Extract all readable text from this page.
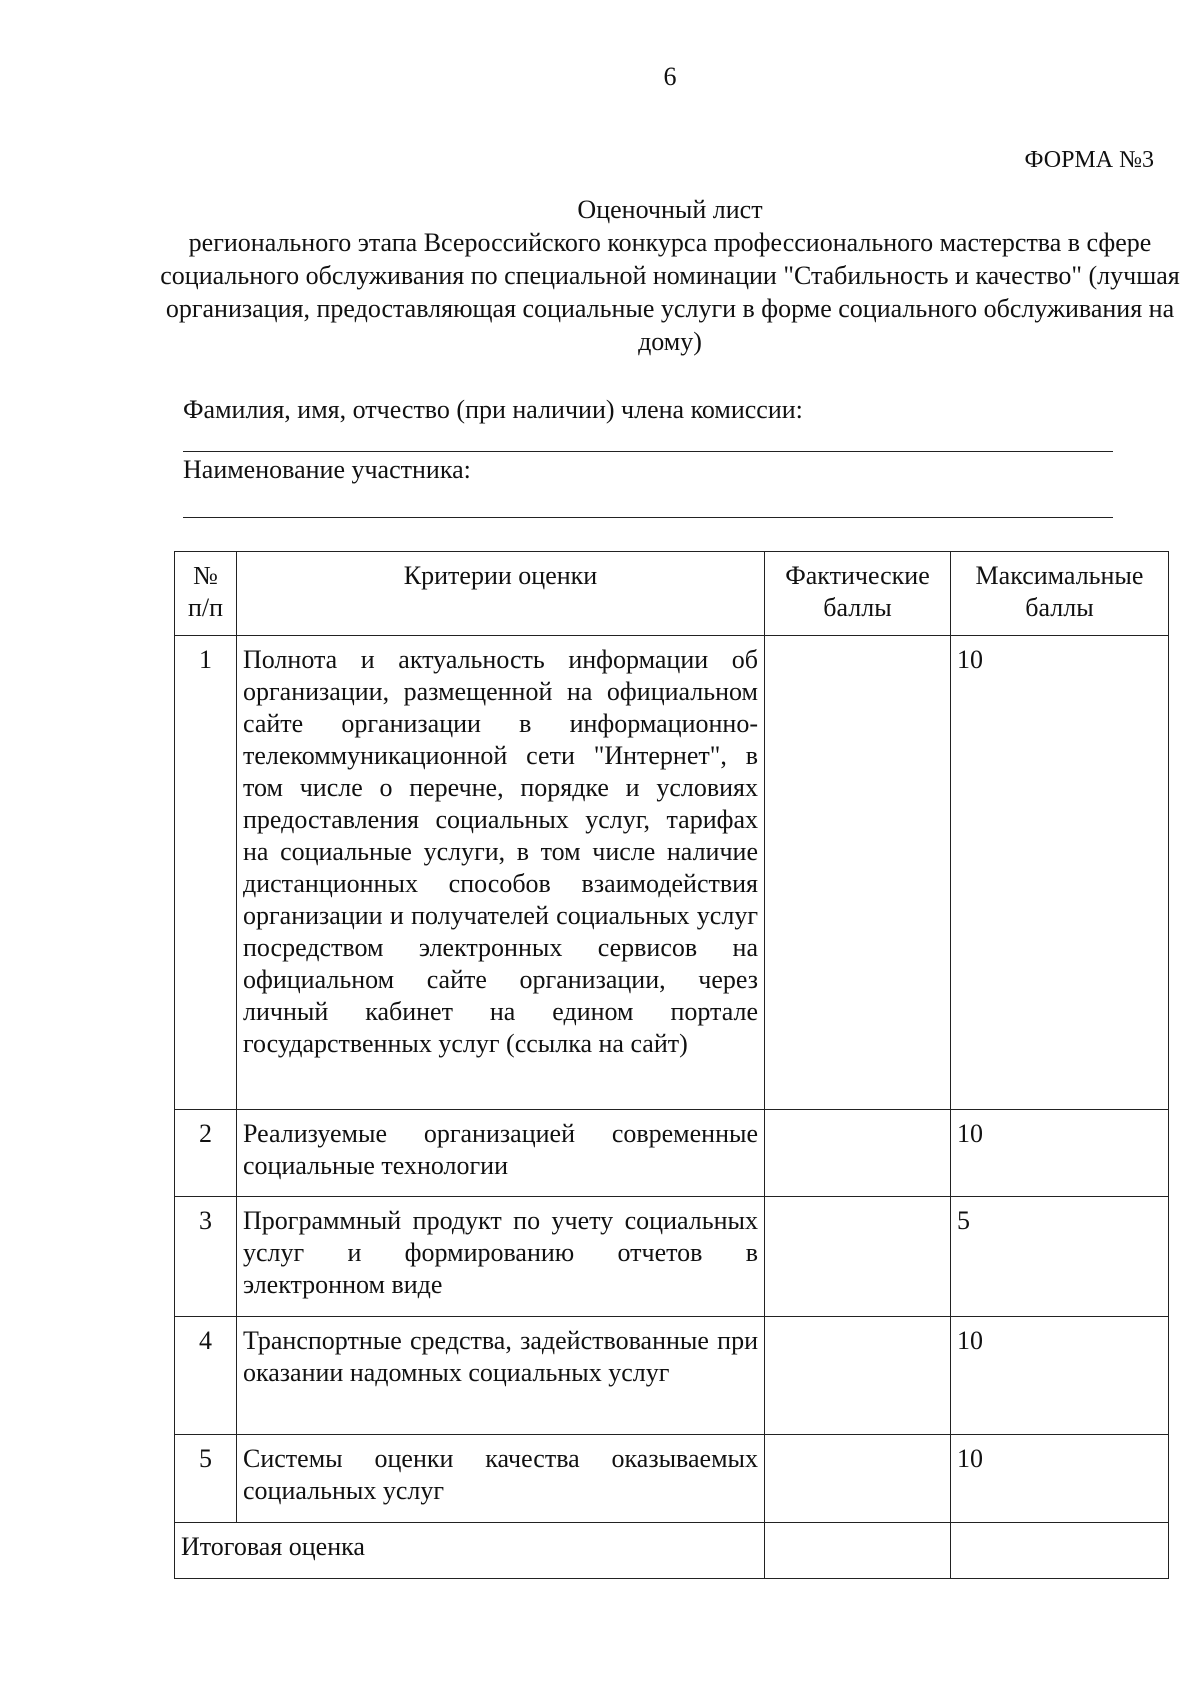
6
ФОРМА №3
Оценочный лист
регионального этапа Всероссийского конкурса профессионального мастерства в сфере социального обслуживания по специальной номинации "Стабильность и качество" (лучшая организация, предоставляющая социальные услуги в форме социального обслуживания на дому)
Фамилия, имя, отчество (при наличии) члена комиссии:
Наименование участника:
№ п/п	Критерии оценки	Фактические баллы	Максимальные баллы
1	Полнота и актуальность информации об организации, размещенной на официальном сайте организации в информационно-телекоммуникационной сети "Интернет", в том числе о перечне, порядке и условиях предоставления социальных услуг, тарифах на социальные услуги, в том числе наличие дистанционных способов взаимодействия организации и получателей социальных услуг посредством электронных сервисов на официальном сайте организации, через личный кабинет на едином портале государственных услуг (ссылка на сайт)		10
2	Реализуемые организацией современные социальные технологии		10
3	Программный продукт по учету социальных услуг и формированию отчетов в электронном виде		5
4	Транспортные средства, задействованные при оказании надомных социальных услуг		10
5	Системы оценки качества оказываемых социальных услуг		10
Итоговая оценка			
